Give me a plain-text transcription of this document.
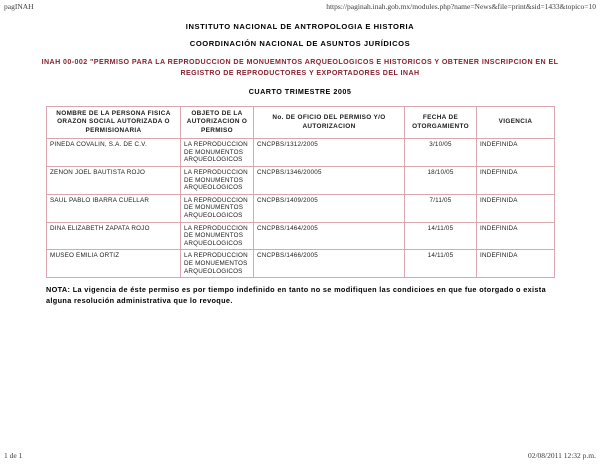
pagINAH	https://paginah.inah.gob.mx/modules.php?name=News&file=print&sid=1433&topico=10
INSTITUTO NACIONAL DE ANTROPOLOGIA E HISTORIA
COORDINACIÓN NACIONAL DE ASUNTOS JURÍDICOS
INAH 00-002 "PERMISO PARA LA REPRODUCCION DE MONUEMNTOS ARQUEOLOGICOS E HISTORICOS Y OBTENER INSCRIPCION EN EL REGISTRO DE REPRODUCTORES Y EXPORTADORES DEL INAH
CUARTO TRIMESTRE 2005
NOMBRE DE LA PERSONA FISICA ORAZON SOCIAL AUTORIZADA O PERMISIONARIA	OBJETO DE LA AUTORIZACION O PERMISO	No. DE OFICIO DEL PERMISO Y/O AUTORIZACION	FECHA DE OTORGAMIENTO	VIGENCIA
PINEDA COVALIN, S.A. DE C.V.	LA REPRODUCCION DE MONUMENTOS ARQUEOLOGICOS	CNCPBS/1312/2005	3/10/05	INDEFINIDA
ZENON JOEL BAUTISTA ROJO	LA REPRODUCCION DE MONUMENTOS ARQUEOLOGICOS	CNCPBS/1346/20005	18/10/05	INDEFINIDA
SAUL PABLO IBARRA CUELLAR	LA REPRODUCCION DE MONUMENTOS ARQUEOLOGICOS	CNCPBS/1409/2005	7/11/05	INDEFINIDA
DINA ELIZABETH ZAPATA ROJO	LA REPRODUCCION DE MONUMENTOS ARQUEOLOGICOS	CNCPBS/1464/2005	14/11/05	INDEFINIDA
MUSEO EMILIA ORTIZ	LA REPRODUCCION DE MONUEMENTOS ARQUEOLOGICOS	CNCPBS/1466/2005	14/11/05	INDEFINIDA
NOTA: La vigencia de éste permiso es por tiempo indefinido en tanto no se modifiquen las condicioes en que fue otorgado o exista alguna resolución administrativa que lo revoque.
1 de 1	02/08/2011 12:32 p.m.
